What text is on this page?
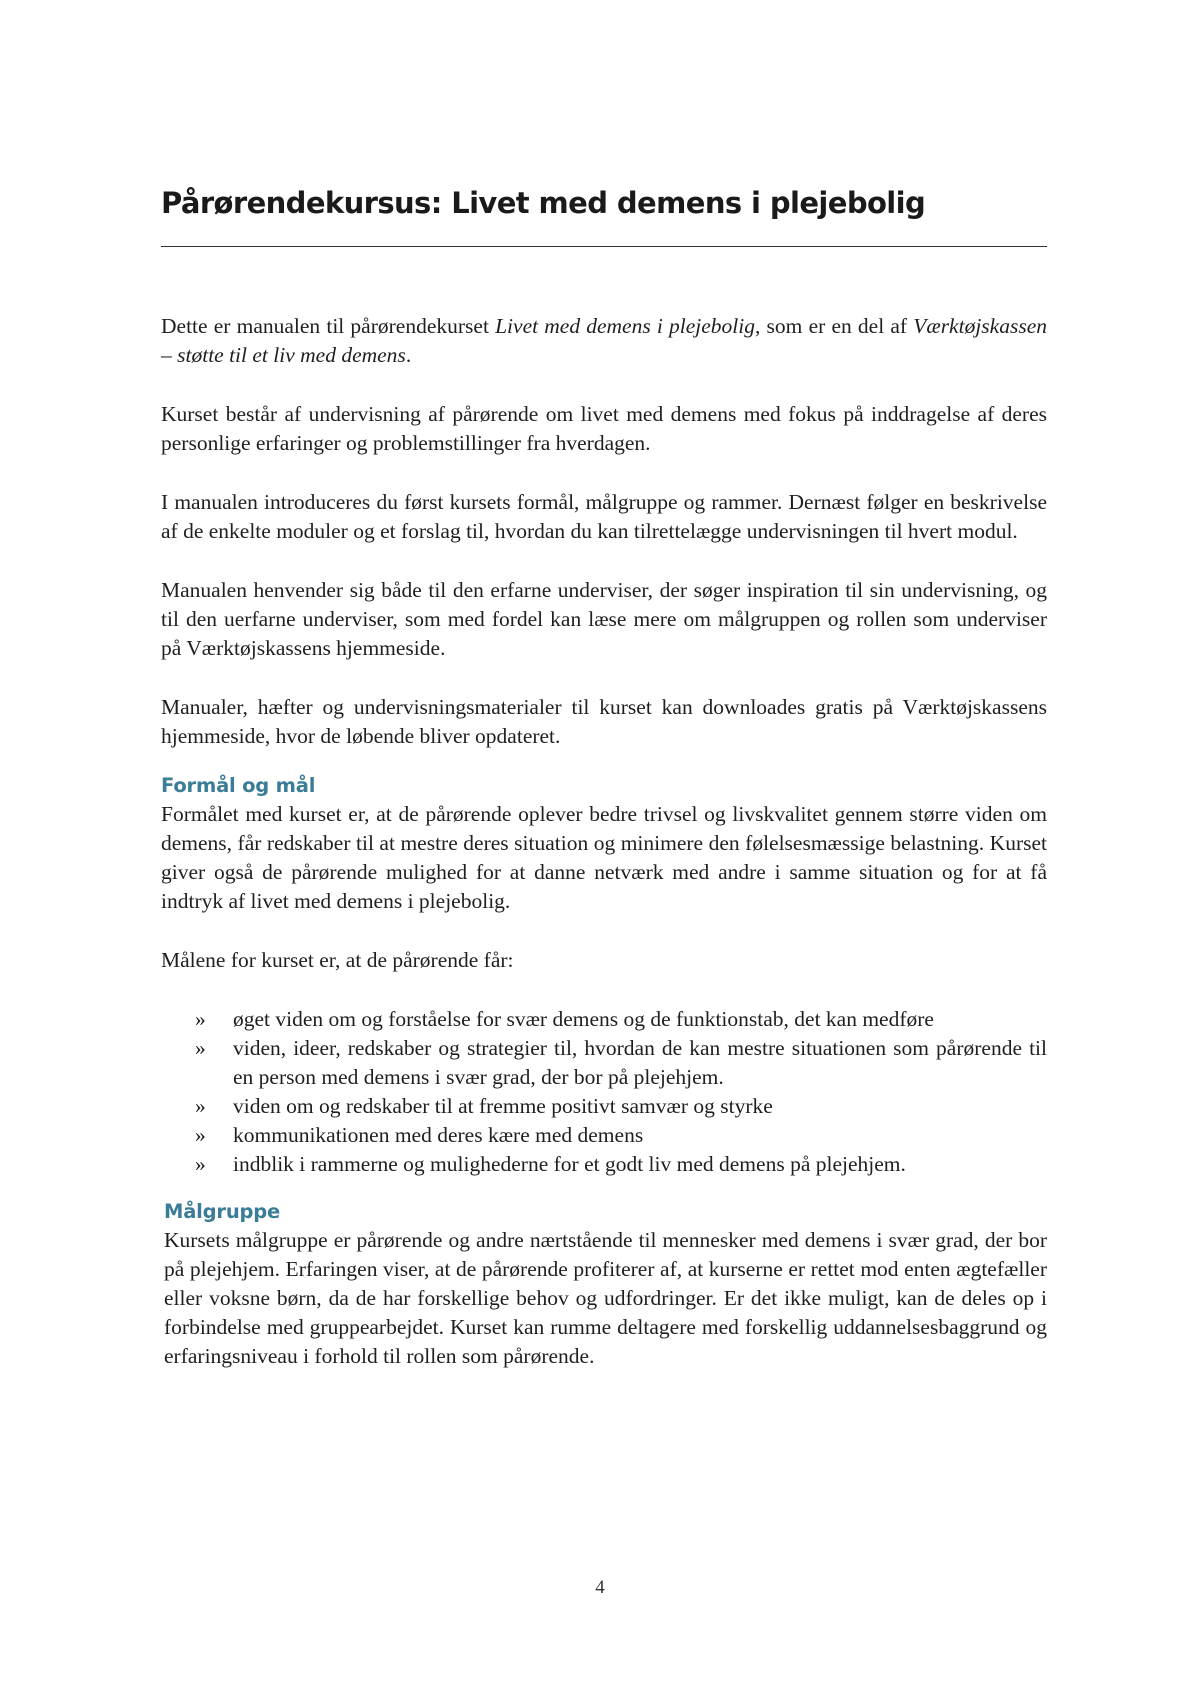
Pårørendekursus: Livet med demens i plejebolig

Dette er manualen til pårørendekurset Livet med demens i plejebolig, som er en del af Værktøjskassen – støtte til et liv med demens.

Kurset består af undervisning af pårørende om livet med demens med fokus på inddragelse af deres personlige erfaringer og problemstillinger fra hverdagen.

I manualen introduceres du først kursets formål, målgruppe og rammer. Dernæst følger en beskrivelse af de enkelte moduler og et forslag til, hvordan du kan tilrettelægge undervisningen til hvert modul.

Manualen henvender sig både til den erfarne underviser, der søger inspiration til sin undervisning, og til den uerfarne underviser, som med fordel kan læse mere om målgruppen og rollen som underviser på Værktøjskassens hjemmeside.

Manualer, hæfter og undervisningsmaterialer til kurset kan downloades gratis på Værktøjskassens hjemmeside, hvor de løbende bliver opdateret.

Formål og mål

Formålet med kurset er, at de pårørende oplever bedre trivsel og livskvalitet gennem større viden om demens, får redskaber til at mestre deres situation og minimere den følelsesmæssige belastning. Kurset giver også de pårørende mulighed for at danne netværk med andre i samme situation og for at få indtryk af livet med demens i plejebolig.

Målene for kurset er, at de pårørende får:

» øget viden om og forståelse for svær demens og de funktionstab, det kan medføre
» viden, ideer, redskaber og strategier til, hvordan de kan mestre situationen som pårørende til en person med demens i svær grad, der bor på plejehjem.
» viden om og redskaber til at fremme positivt samvær og styrke
» kommunikationen med deres kære med demens
» indblik i rammerne og mulighederne for et godt liv med demens på plejehjem.
Målgruppe

Kursets målgruppe er pårørende og andre nærtstående til mennesker med demens i svær grad, der bor på plejehjem. Erfaringen viser, at de pårørende profiterer af, at kurserne er rettet mod enten ægtefæller eller voksne børn, da de har forskellige behov og udfordringer. Er det ikke muligt, kan de deles op i forbindelse med gruppearbejdet. Kurset kan rumme deltagere med forskellig uddannelsesbaggrund og erfaringsniveau i forhold til rollen som pårørende.

4
